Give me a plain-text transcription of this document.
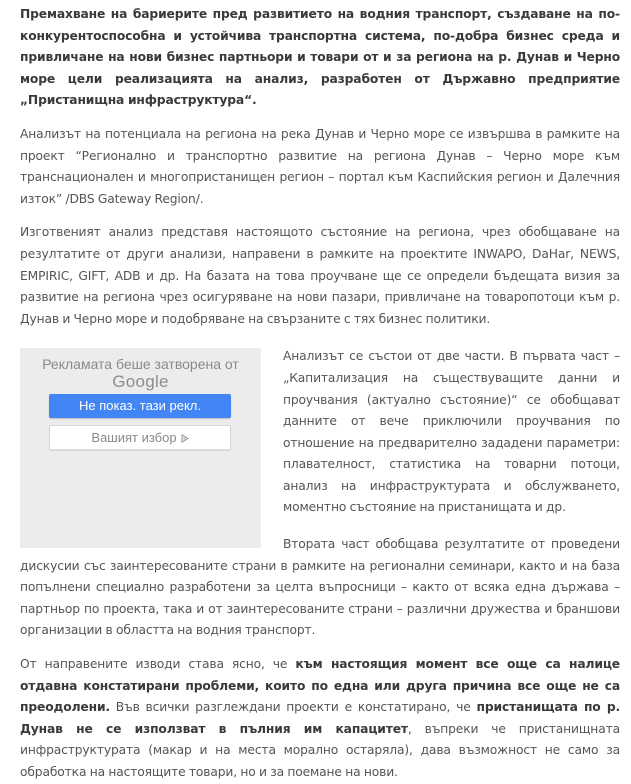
Премахване на бариерите пред развитието на водния транспорт, създаване на по-конкурентоспособна и устойчива транспортна система, по-добра бизнес среда и привличане на нови бизнес партньори и товари от и за региона на р. Дунав и Черно море цели реализацията на анализ, разработен от Държавно предприятие „Пристанищна инфраструктура“.

Анализът на потенциала на региона на река Дунав и Черно море се извършва в рамките на проект “Регионално и транспортно развитие на региона Дунав – Черно море към транснационален и многопристанищен регион – портал към Каспийския регион и Далечния изток” /DBS Gateway Region/.

Изготвеният анализ представя настоящото състояние на региона, чрез обобщаване на резултатите от други анализи, направени в рамките на проектите INWAPO, DaHar, NEWS, EMPIRIC, GIFT, ADB и др. На базата на това проучване ще се определи бъдещата визия за развитие на региона чрез осигуряване на нови пазари, привличане на товаропотоци към р. Дунав и Черно море и подобряване на свързаните с тях бизнес политики.

Рекламата беше затворена от
Google
Не показ. тази рекл.
Вашият избор

Анализът се състои от две части. В първата част – „Капитализация на съществуващите данни и проучвания (актуално състояние)“ се обобщават данните от вече приключили проучвания по отношение на предварително зададени параметри: плавателност, статистика на товарни потоци, анализ на инфраструктурата и обслужването, моментно състояние на пристанищата и др.

Втората част обобщава резултатите от проведени дискусии със заинтересованите страни в рамките на регионални семинари, както и на база попълнени специално разработени за целта въпросници – както от всяка една държава – партньор по проекта, така и от заинтересованите страни – различни дружества и браншови организации в областта на водния транспорт.

От направените изводи става ясно, че към настоящия момент все още са налице отдавна констатирани проблеми, които по една или друга причина все още не са преодолени. Във всички разглеждани проекти е констатирано, че пристанищата по р. Дунав не се използват в пълния им капацитет, въпреки че пристанищната инфраструктурата (макар и на места морално остаряла), дава възможност не само за обработка на настоящите товари, но и за поемане на нови.
